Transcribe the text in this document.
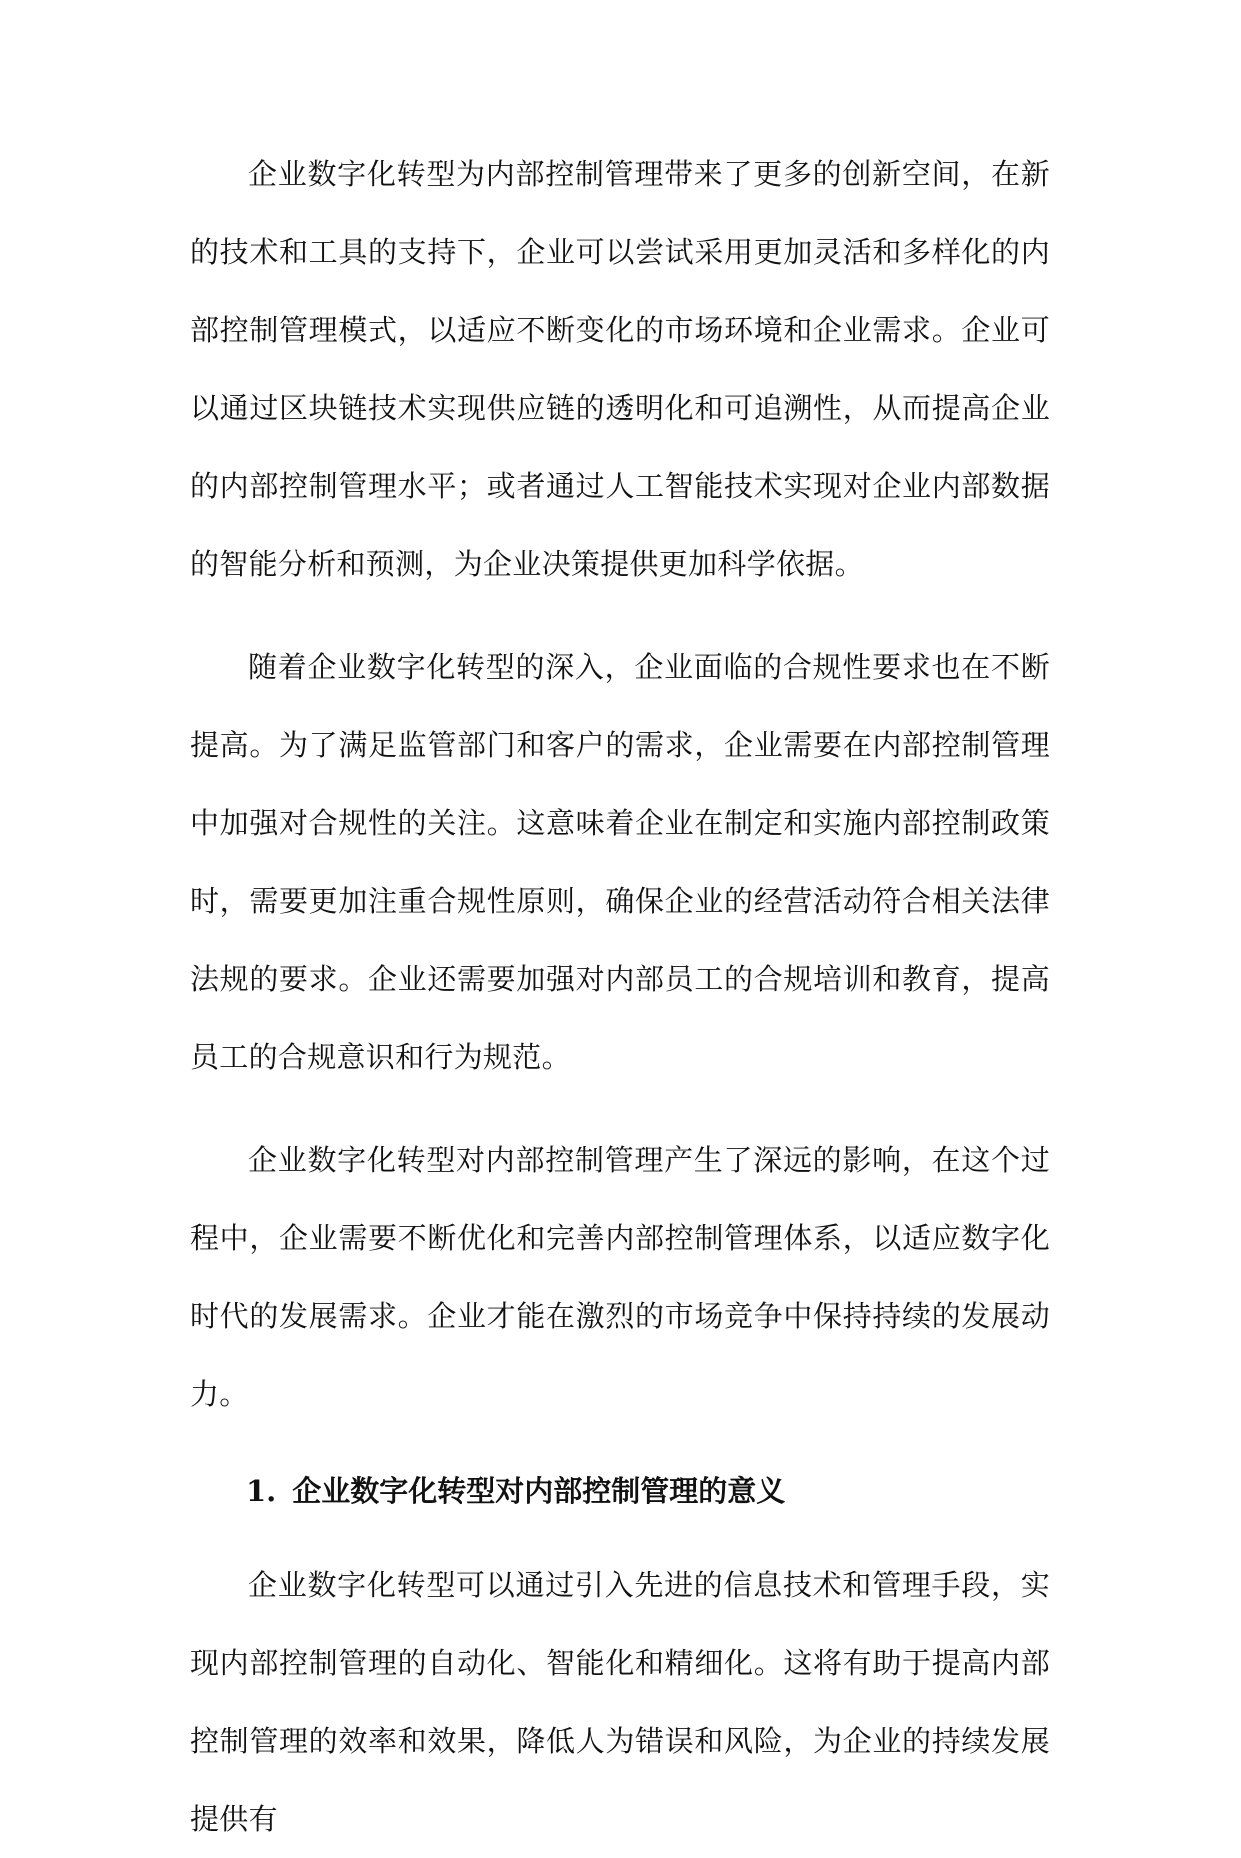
企业数字化转型为内部控制管理带来了更多的创新空间，在新的技术和工具的支持下，企业可以尝试采用更加灵活和多样化的内部控制管理模式，以适应不断变化的市场环境和企业需求。企业可以通过区块链技术实现供应链的透明化和可追溯性，从而提高企业的内部控制管理水平；或者通过人工智能技术实现对企业内部数据的智能分析和预测，为企业决策提供更加科学依据。

随着企业数字化转型的深入，企业面临的合规性要求也在不断提高。为了满足监管部门和客户的需求，企业需要在内部控制管理中加强对合规性的关注。这意味着企业在制定和实施内部控制政策时，需要更加注重合规性原则，确保企业的经营活动符合相关法律法规的要求。企业还需要加强对内部员工的合规培训和教育，提高员工的合规意识和行为规范。

企业数字化转型对内部控制管理产生了深远的影响，在这个过程中，企业需要不断优化和完善内部控制管理体系，以适应数字化时代的发展需求。企业才能在激烈的市场竞争中保持持续的发展动力。

1. 企业数字化转型对内部控制管理的意义

企业数字化转型可以通过引入先进的信息技术和管理手段，实现内部控制管理的自动化、智能化和精细化。这将有助于提高内部控制管理的效率和效果，降低人为错误和风险，为企业的持续发展提供有
